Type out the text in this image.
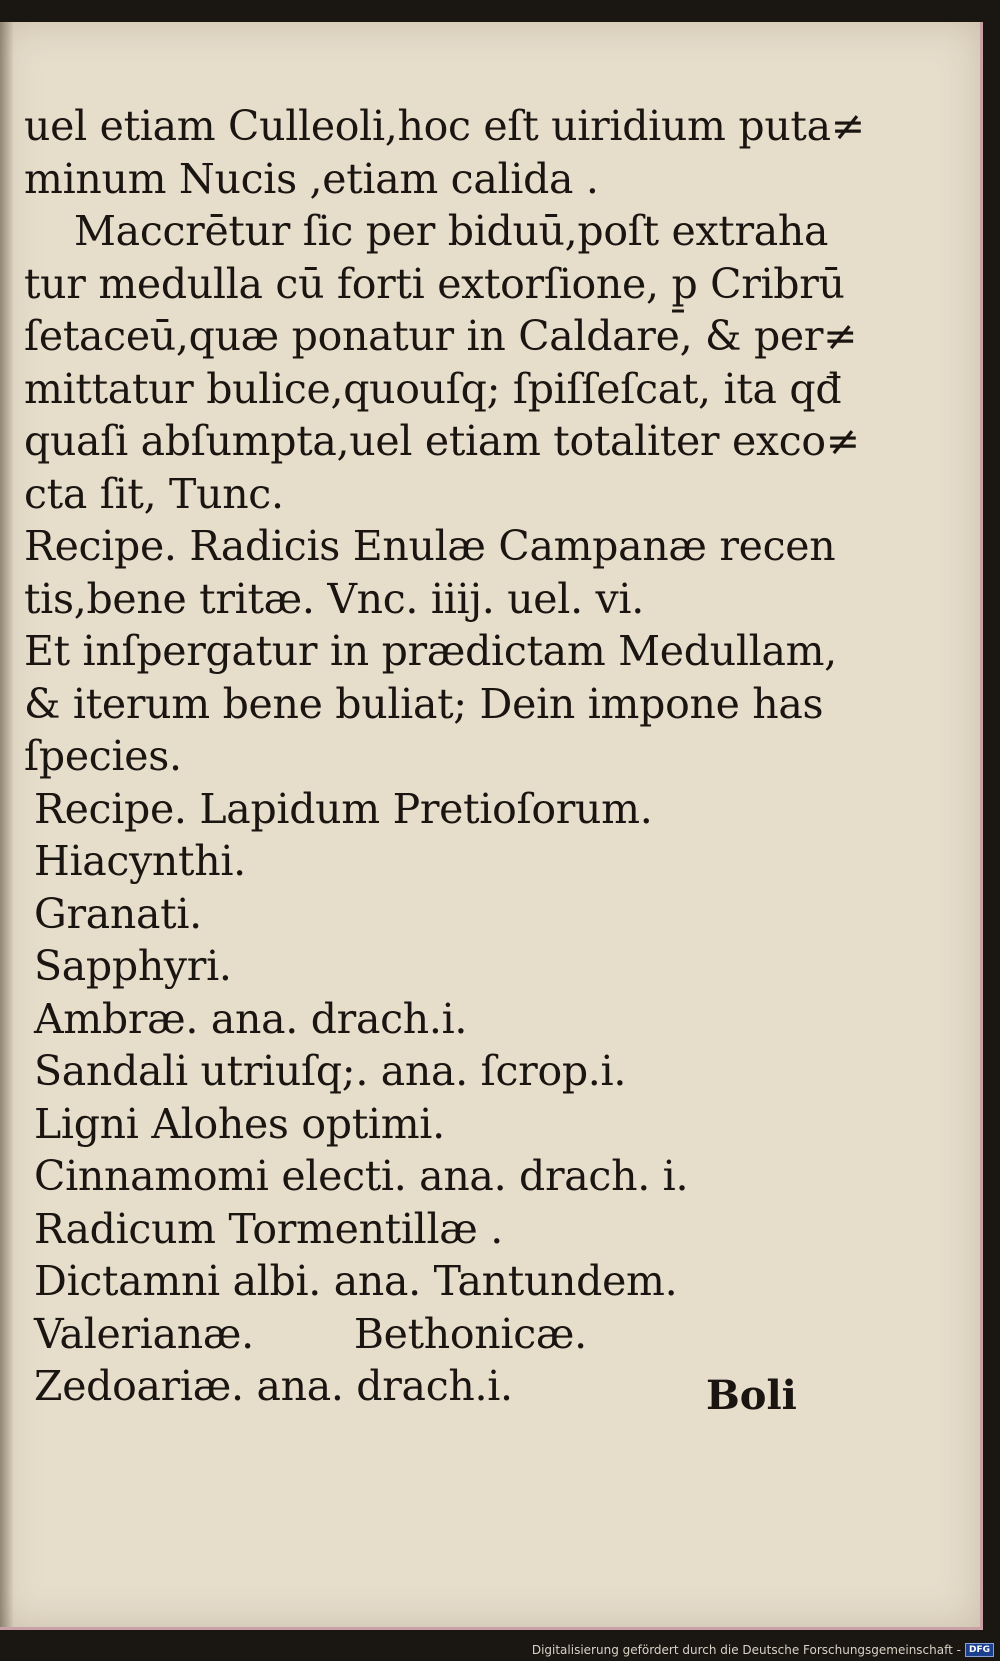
uel etiam Culleoli,hoc eſt uiridium puta≠
minum Nucis ,etiam calida .
Maccrētur ſic per biduū,poſt extraha
tur medulla cū forti extorſione, p̱ Cribrū
ſetaceū,quæ ponatur in Caldare, & per≠
mittatur bulice,quouſq; ſpiſſeſcat, ita qđ
quaſi abſumpta,uel etiam totaliter exco≠
cta ſit, Tunc.
Recipe. Radicis Enulæ Campanæ recen
tis,bene tritæ. Vnc. iiij. uel. vi.
Et inſpergatur in prædictam Medullam,
& iterum bene buliat; Dein impone has
ſpecies.
Recipe. Lapidum Pretioſorum.
Hiacynthi.
Granati.
Sapphyri.
Ambræ. ana. drach.i.
Sandali utriuſq;. ana. ſcrop.i.
Ligni Alohes optimi.
Cinnamomi electi. ana. drach. i.
Radicum Tormentillæ .
Dictamni albi. ana. Tantundem.
Valerianæ. Bethonicæ.
Zedoariæ. ana. drach.i.	Boli
Digitalisierung gefördert durch die Deutsche Forschungsgemeinschaft - DFG
